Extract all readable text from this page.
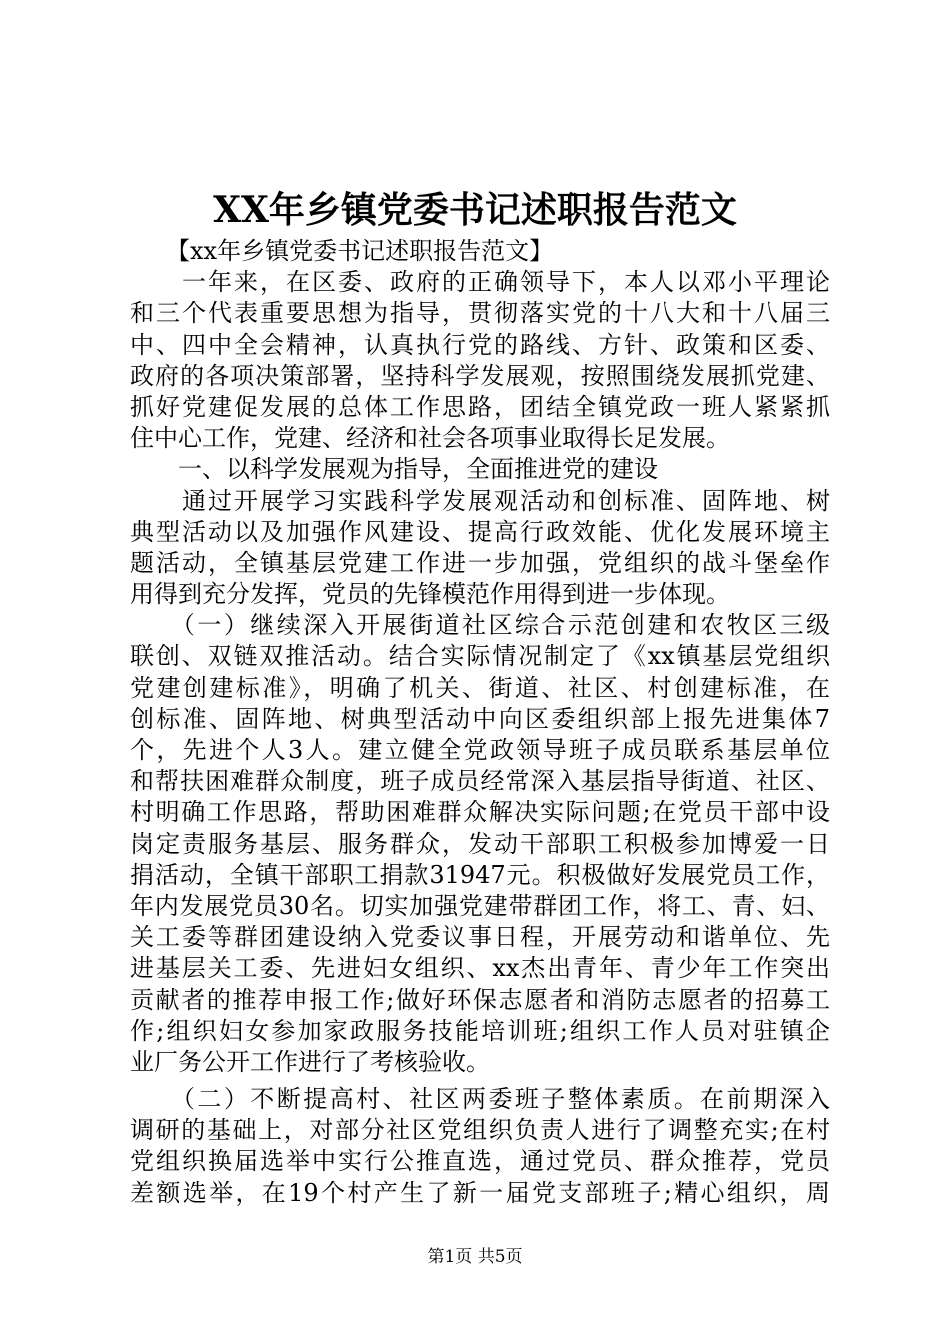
XX年乡镇党委书记述职报告范文
　　【xx年乡镇党委书记述职报告范文】
　　一年来，在区委、政府的正确领导下，本人以邓小平理论
和三个代表重要思想为指导，贯彻落实党的十八大和十八届三
中、四中全会精神，认真执行党的路线、方针、政策和区委、
政府的各项决策部署，坚持科学发展观，按照围绕发展抓党建、
抓好党建促发展的总体工作思路，团结全镇党政一班人紧紧抓
住中心工作，党建、经济和社会各项事业取得长足发展。
　　一、以科学发展观为指导，全面推进党的建设
　　通过开展学习实践科学发展观活动和创标准、固阵地、树
典型活动以及加强作风建设、提高行政效能、优化发展环境主
题活动，全镇基层党建工作进一步加强，党组织的战斗堡垒作
用得到充分发挥，党员的先锋模范作用得到进一步体现。
　　（一）继续深入开展街道社区综合示范创建和农牧区三级
联创、双链双推活动。结合实际情况制定了《xx镇基层党组织
党建创建标准》，明确了机关、街道、社区、村创建标准，在
创标准、固阵地、树典型活动中向区委组织部上报先进集体7
个，先进个人3人。建立健全党政领导班子成员联系基层单位
和帮扶困难群众制度，班子成员经常深入基层指导街道、社区、
村明确工作思路，帮助困难群众解决实际问题;在党员干部中设
岗定责服务基层、服务群众，发动干部职工积极参加博爱一日
捐活动，全镇干部职工捐款31947元。积极做好发展党员工作，
年内发展党员30名。切实加强党建带群团工作，将工、青、妇、
关工委等群团建设纳入党委议事日程，开展劳动和谐单位、先
进基层关工委、先进妇女组织、xx杰出青年、青少年工作突出
贡献者的推荐申报工作;做好环保志愿者和消防志愿者的招募工
作;组织妇女参加家政服务技能培训班;组织工作人员对驻镇企
业厂务公开工作进行了考核验收。
　　（二）不断提高村、社区两委班子整体素质。在前期深入
调研的基础上，对部分社区党组织负责人进行了调整充实;在村
党组织换届选举中实行公推直选，通过党员、群众推荐，党员
差额选举，在19个村产生了新一届党支部班子;精心组织，周
第1页 共5页
